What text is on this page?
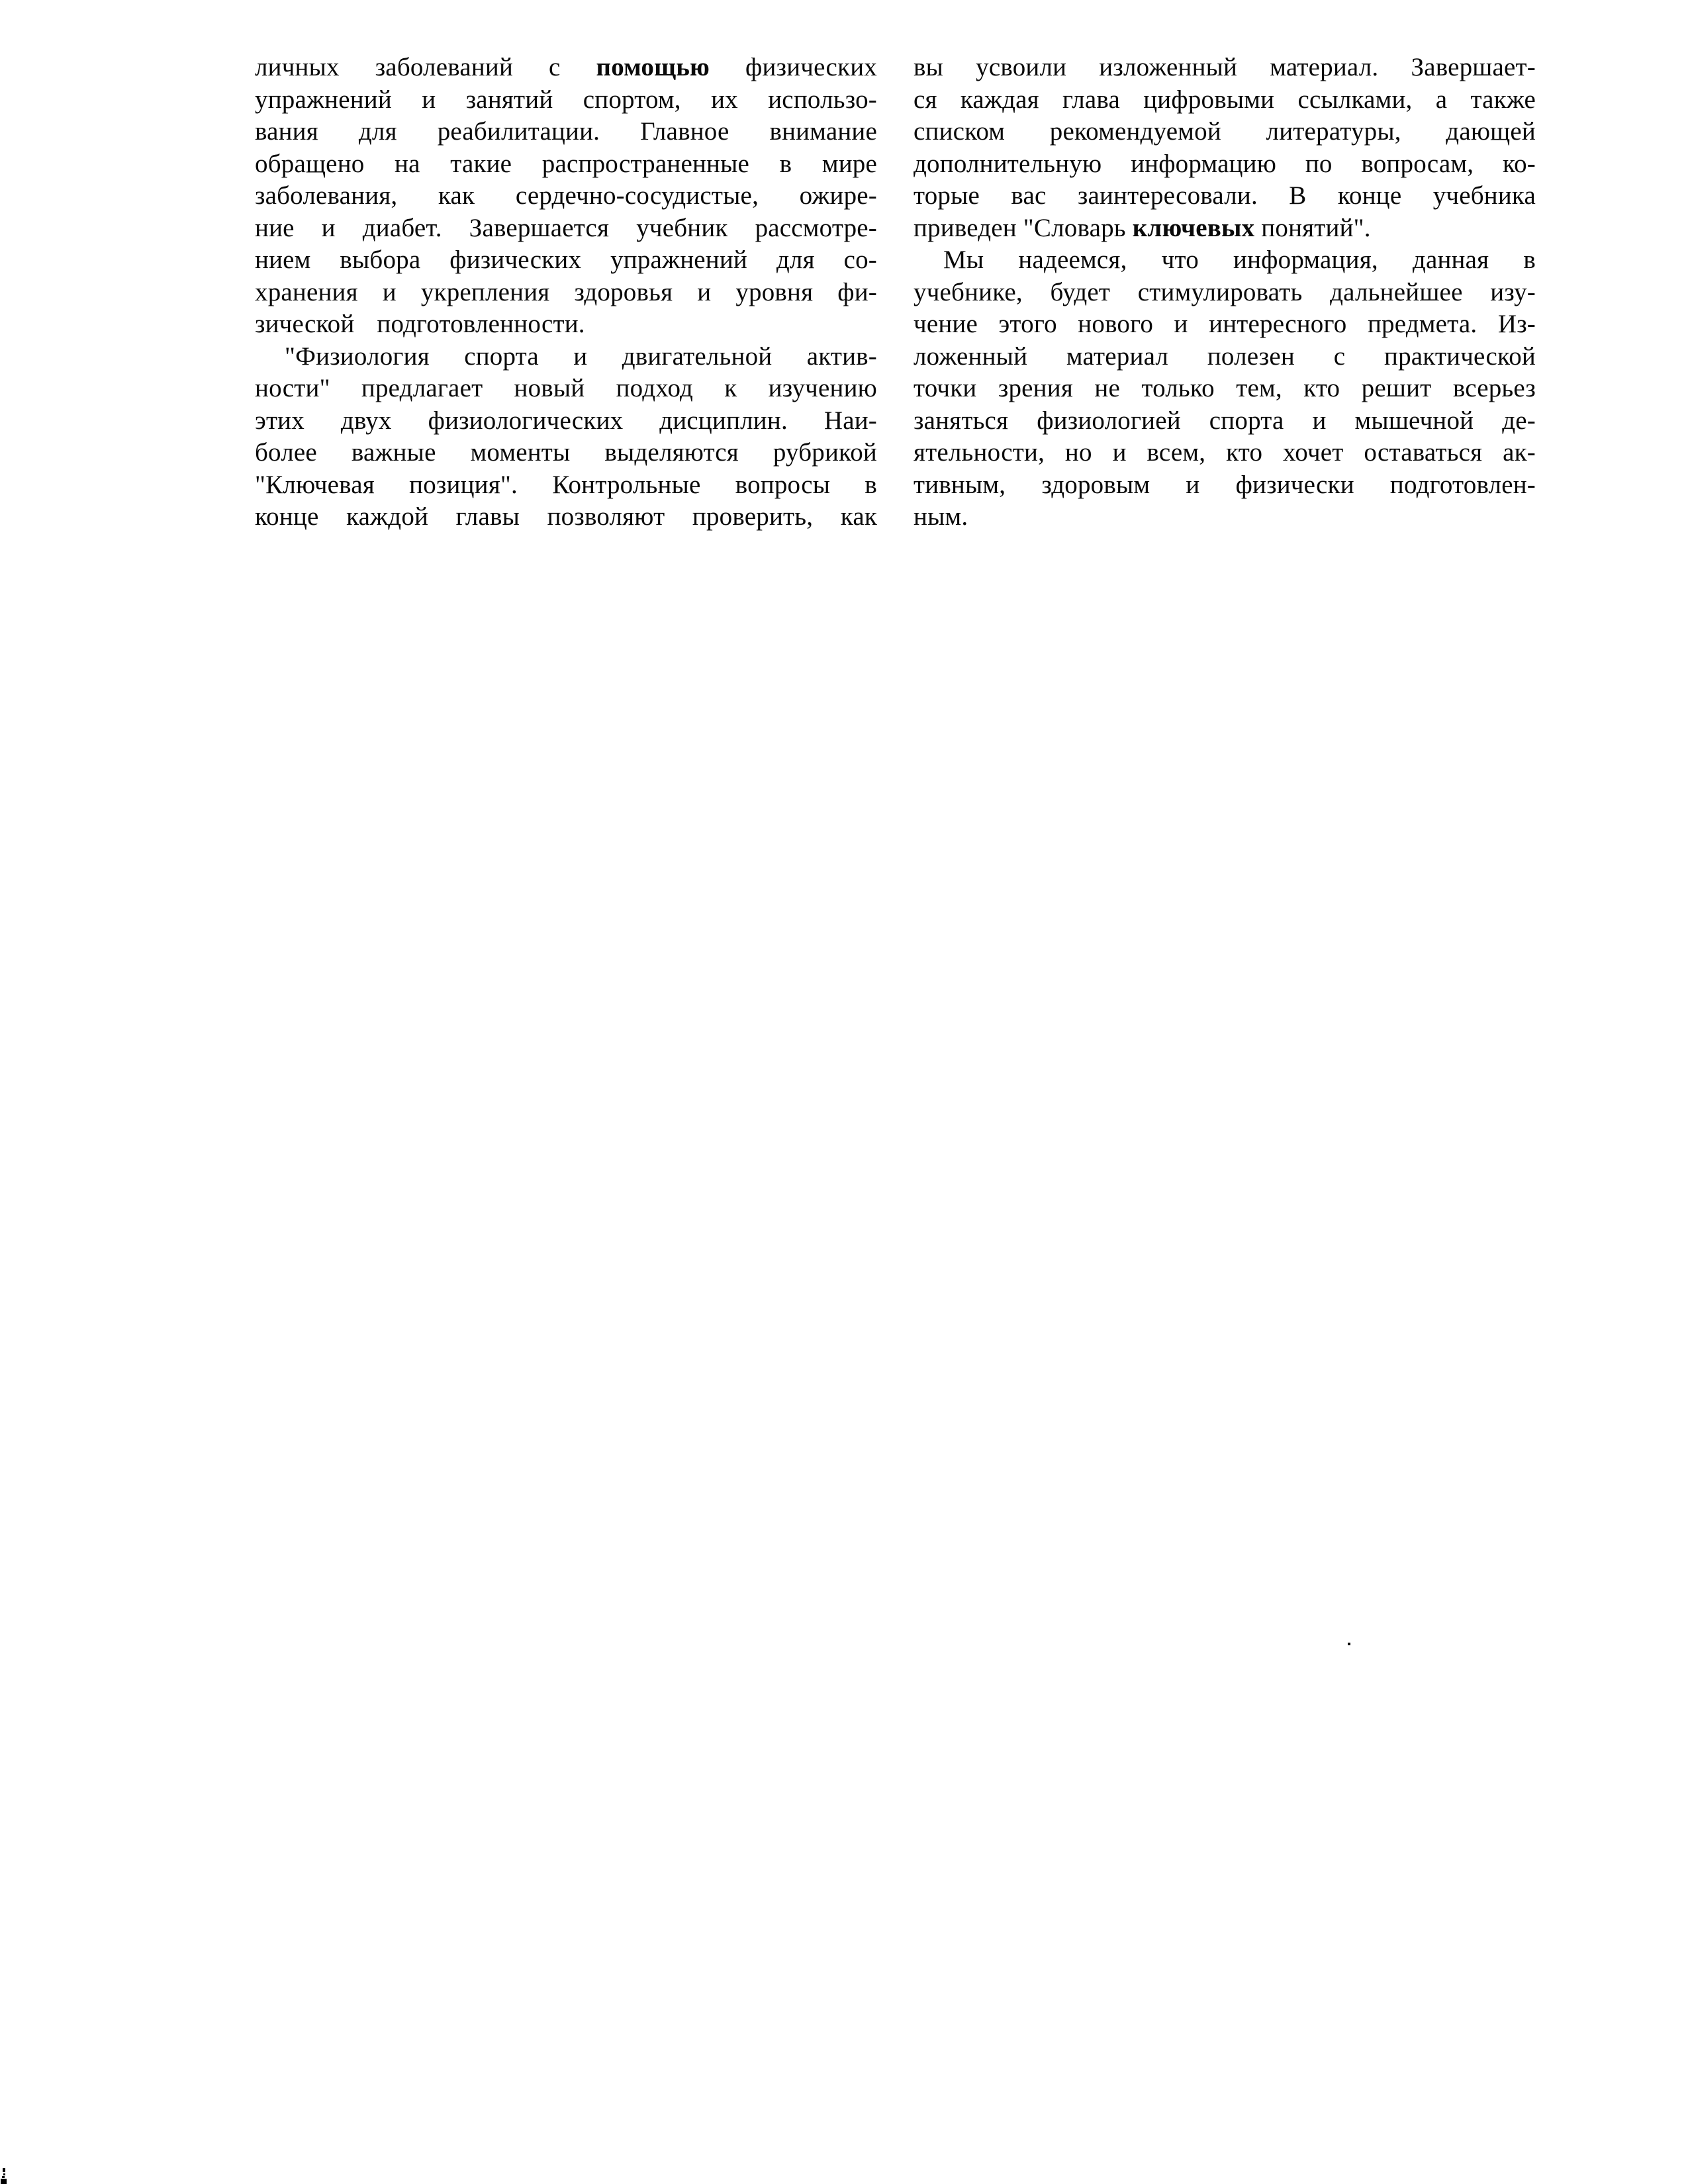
личных заболеваний с помощью физических
упражнений и занятий спортом, их использо-
вания для реабилитации. Главное внимание
обращено на такие распространенные в мире
заболевания, как сердечно-сосудистые, ожире-
ние и диабет. Завершается учебник рассмотре-
нием выбора физических упражнений для со-
хранения и укрепления здоровья и уровня фи-
зической подготовленности.
"Физиология спорта и двигательной актив-
ности" предлагает новый подход к изучению
этих двух физиологических дисциплин. Наи-
более важные моменты выделяются рубрикой
"Ключевая позиция". Контрольные вопросы в
конце каждой главы позволяют проверить, как
вы усвоили изложенный материал. Завершает-
ся каждая глава цифровыми ссылками, а также
списком рекомендуемой литературы, дающей
дополнительную информацию по вопросам, ко-
торые вас заинтересовали. В конце учебника
приведен "Словарь ключевых понятий".
Мы надеемся, что информация, данная в
учебнике, будет стимулировать дальнейшее изу-
чение этого нового и интересного предмета. Из-
ложенный материал полезен с практической
точки зрения не только тем, кто решит всерьез
заняться физиологией спорта и мышечной де-
ятельности, но и всем, кто хочет оставаться ак-
тивным, здоровым и физически подготовлен-
ным.
